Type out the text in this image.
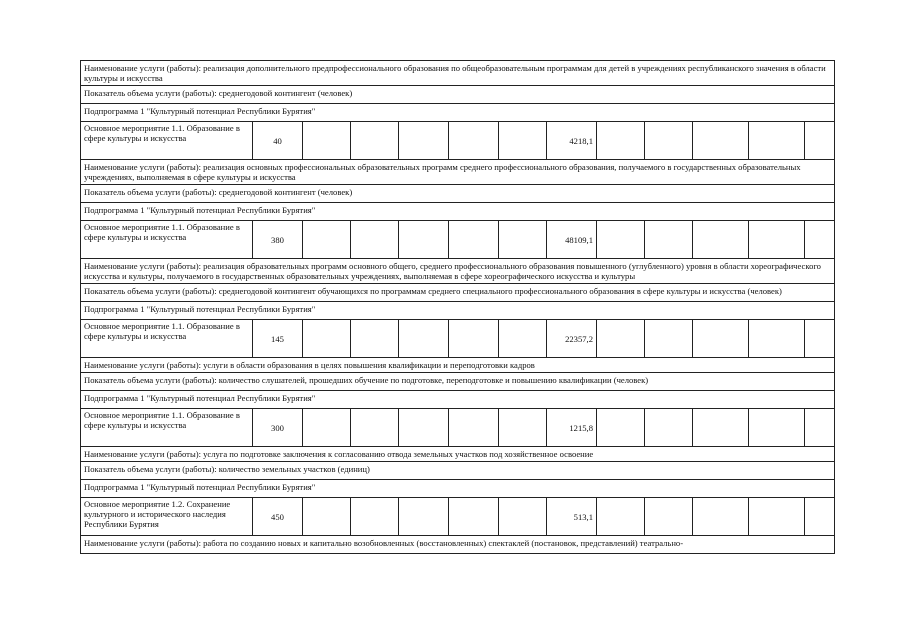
Наименование услуги (работы): реализация дополнительного предпрофессионального образования по общеобразовательным программам для детей в учреждениях республиканского значения в области культуры и искусства												
Показатель объема услуги (работы): среднегодовой контингент (человек)												
Подпрограмма 1 "Культурный потенциал Республики Бурятия"												
Основное мероприятие 1.1. Образование в сфере культуры и искусства	40						4218,1					
Наименование услуги (работы): реализация основных профессиональных образовательных программ среднего профессионального образования, получаемого в государственных образовательных учреждениях, выполняемая в сфере культуры и искусства												
Показатель объема услуги (работы): среднегодовой контингент (человек)												
Подпрограмма 1 "Культурный потенциал Республики Бурятия"												
Основное мероприятие 1.1. Образование в сфере культуры и искусства	380						48109,1					
Наименование услуги (работы): реализация образовательных программ основного общего, среднего профессионального образования повышенного (углубленного) уровня в области хореографического искусства и культуры, получаемого в государственных образовательных учреждениях, выполняемая в сфере хореографического искусства и культуры												
Показатель объема услуги (работы): среднегодовой контингент обучающихся по программам среднего специального профессионального образования в сфере культуры и искусства (человек)												
Подпрограмма 1 "Культурный потенциал Республики Бурятия"												
Основное мероприятие 1.1. Образование в сфере культуры и искусства	145						22357,2					
Наименование услуги (работы): услуги в области образования в целях повышения квалификации и переподготовки кадров												
Показатель объема услуги (работы): количество слушателей, прошедших обучение по подготовке, переподготовке и повышению квалификации (человек)												
Подпрограмма 1 "Культурный потенциал Республики Бурятия"												
Основное мероприятие 1.1. Образование в сфере культуры и искусства	300						1215,8					
Наименование услуги (работы): услуга по подготовке заключения к согласованию отвода земельных участков под хозяйственное освоение												
Показатель объема услуги (работы): количество земельных участков (единиц)												
Подпрограмма 1 "Культурный потенциал Республики Бурятия"												
Основное мероприятие 1.2. Сохранение культурного и исторического наследия Республики Бурятия	450						513,1					
Наименование услуги (работы): работа по созданию новых и капитально возобновленных (восстановленных) спектаклей (постановок, представлений) театрально-												
